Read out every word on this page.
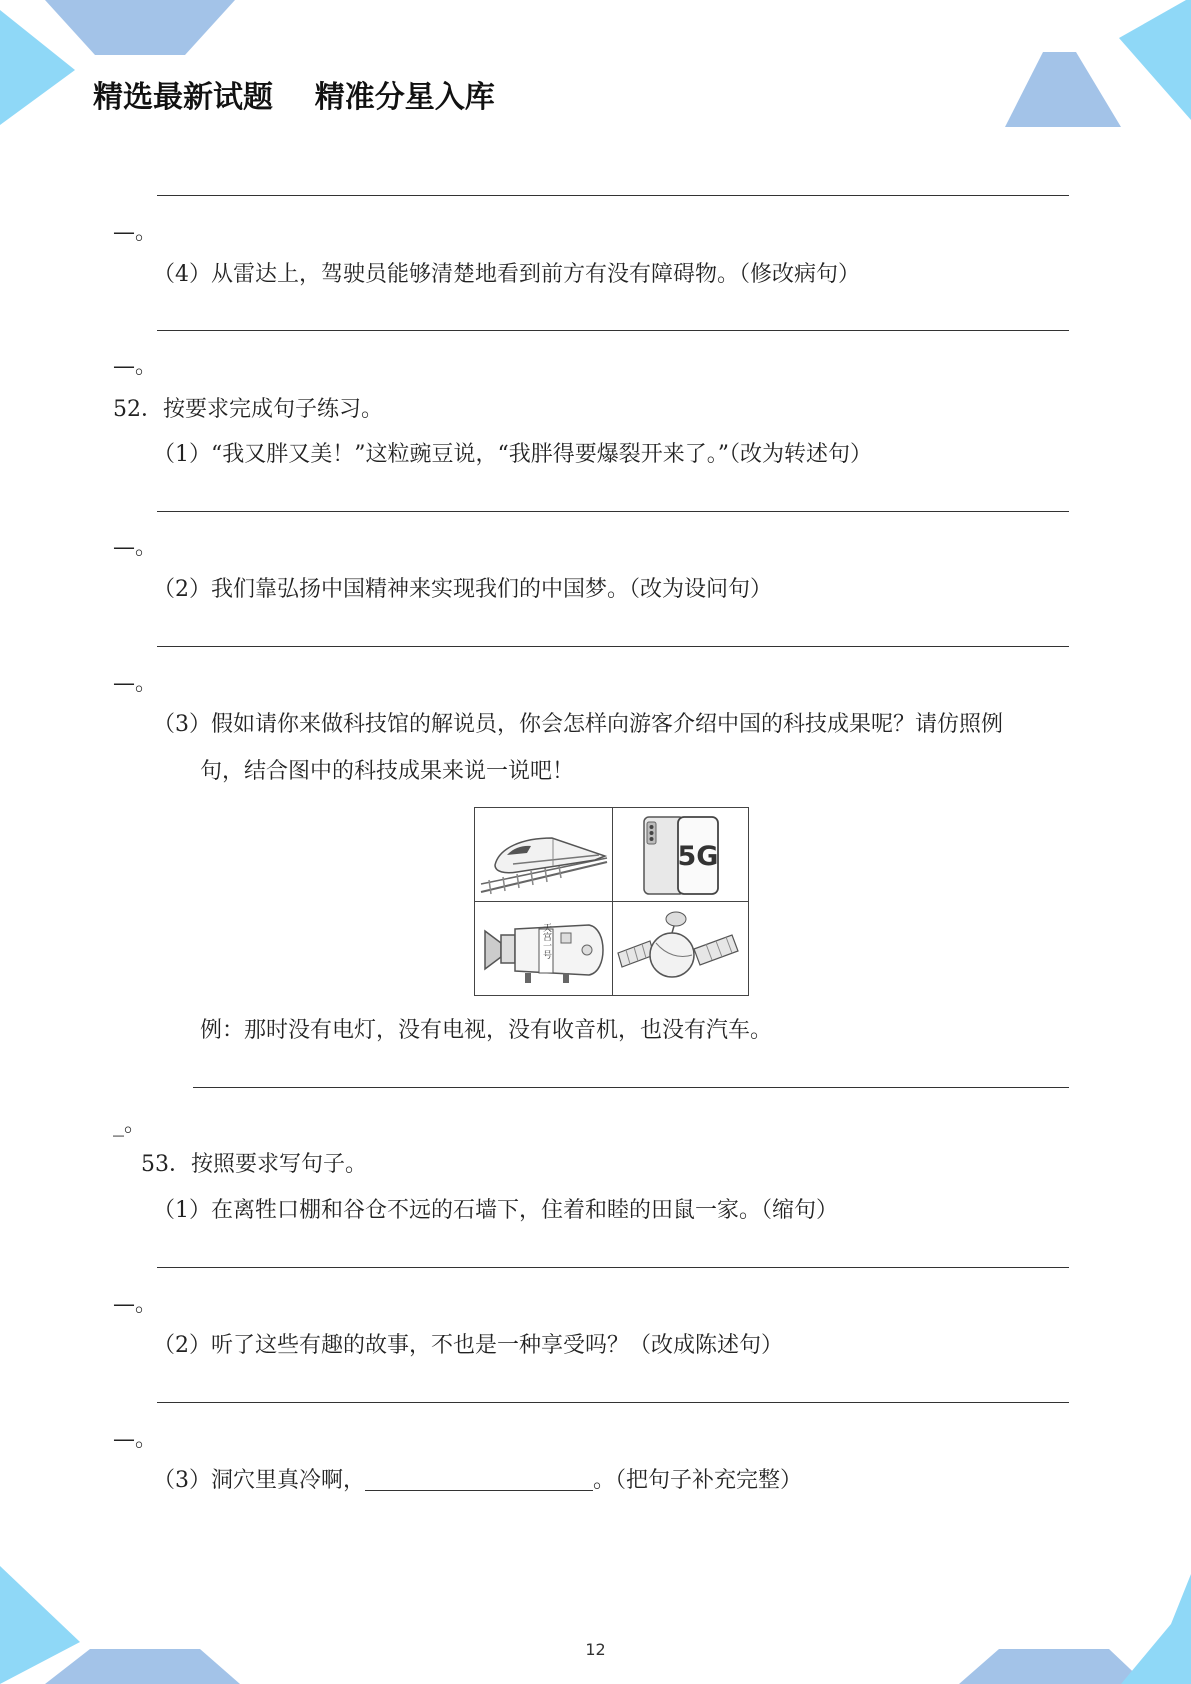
精选最新试题    精准分星入库
—。
（4）从雷达上，驾驶员能够清楚地看到前方有没有障碍物。（修改病句）
—。
52．按要求完成句子练习。
（1）“我又胖又美！”这粒豌豆说，“我胖得要爆裂开来了。”（改为转述句）
—。
（2）我们靠弘扬中国精神来实现我们的中国梦。（改为设问句）
—。
（3）假如请你来做科技馆的解说员，你会怎样向游客介绍中国的科技成果呢？请仿照例
句，结合图中的科技成果来说一说吧！
5G
天宫一号
例：那时没有电灯，没有电视，没有收音机，也没有汽车。
_。
53．按照要求写句子。
（1）在离牲口棚和谷仓不远的石墙下，住着和睦的田鼠一家。（缩句）
—。
（2）听了这些有趣的故事，不也是一种享受吗？（改成陈述句）
—。
（3）洞穴里真冷啊，	。（把句子补充完整）
12
